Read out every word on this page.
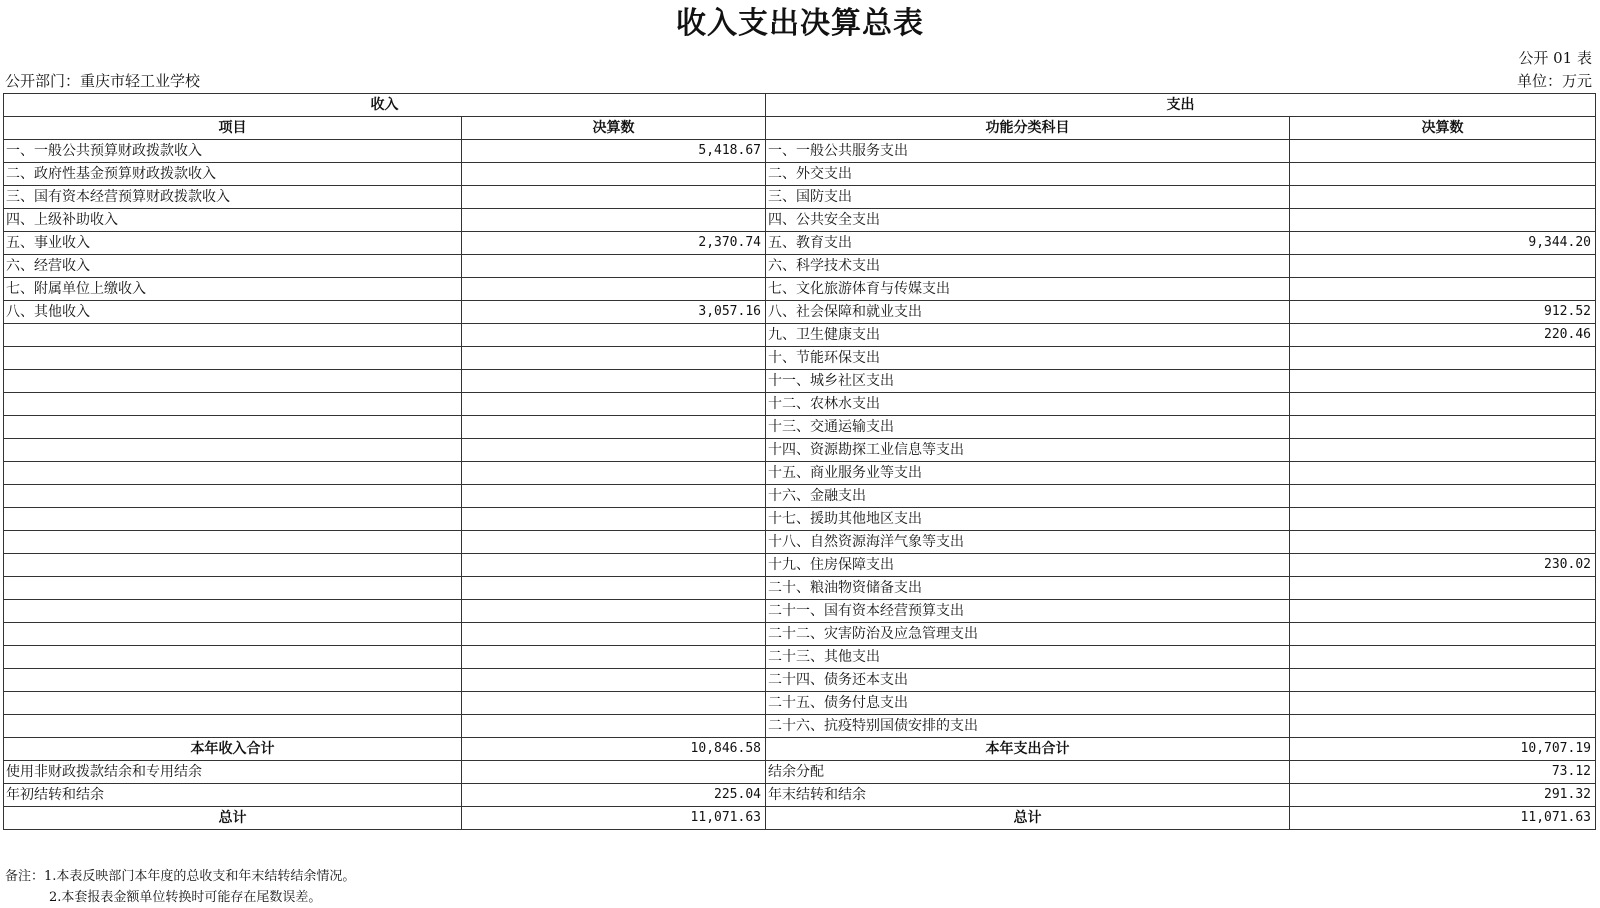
收入支出决算总表
公开 01 表
公开部门：重庆市轻工业学校	单位：万元
收入		支出	
项目	决算数	功能分类科目	决算数
一、一般公共预算财政拨款收入	5,418.67	一、一般公共服务支出	
二、政府性基金预算财政拨款收入		二、外交支出	
三、国有资本经营预算财政拨款收入		三、国防支出	
四、上级补助收入		四、公共安全支出	
五、事业收入	2,370.74	五、教育支出	9,344.20
六、经营收入		六、科学技术支出	
七、附属单位上缴收入		七、文化旅游体育与传媒支出	
八、其他收入	3,057.16	八、社会保障和就业支出	912.52
		九、卫生健康支出	220.46
		十、节能环保支出	
		十一、城乡社区支出	
		十二、农林水支出	
		十三、交通运输支出	
		十四、资源勘探工业信息等支出	
		十五、商业服务业等支出	
		十六、金融支出	
		十七、援助其他地区支出	
		十八、自然资源海洋气象等支出	
		十九、住房保障支出	230.02
		二十、粮油物资储备支出	
		二十一、国有资本经营预算支出	
		二十二、灾害防治及应急管理支出	
		二十三、其他支出	
		二十四、债务还本支出	
		二十五、债务付息支出	
		二十六、抗疫特别国债安排的支出	
本年收入合计	10,846.58	本年支出合计	10,707.19
使用非财政拨款结余和专用结余		结余分配	73.12
年初结转和结余	225.04	年末结转和结余	291.32
总计	11,071.63	总计	11,071.63
备注：1.本表反映部门本年度的总收支和年末结转结余情况。
2.本套报表金额单位转换时可能存在尾数误差。
